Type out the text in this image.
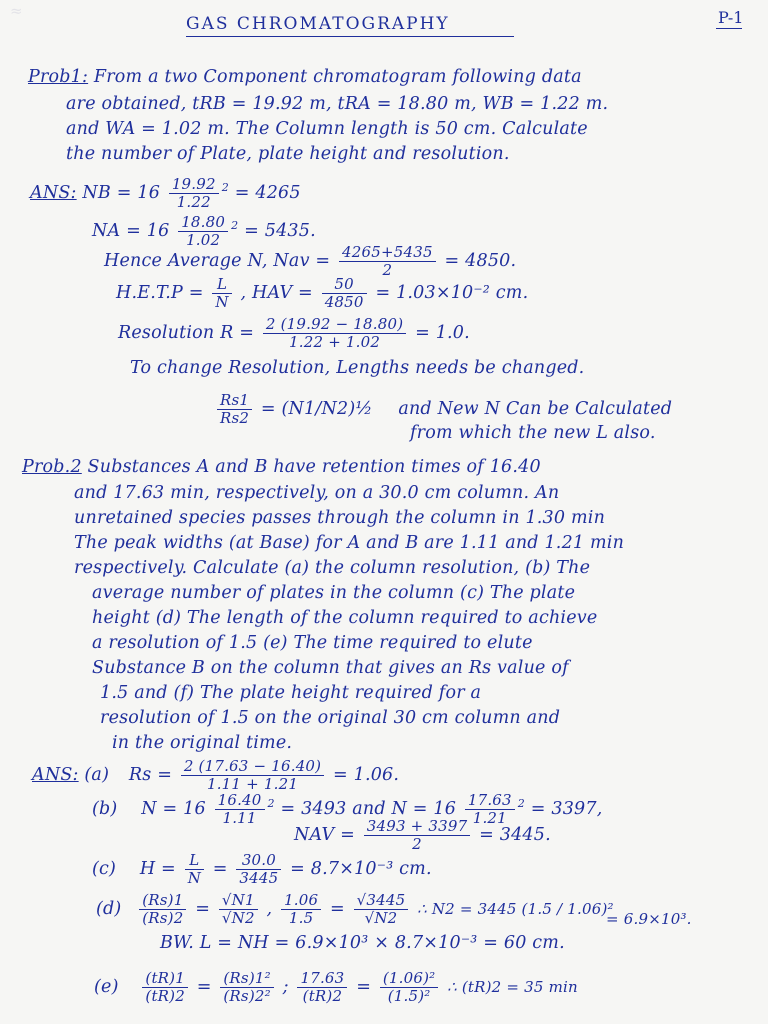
≈
GAS CHROMATOGRAPHY	P-1
Prob1: From a two Component chromatogram following data
are obtained, tRB = 19.92 m, tRA = 18.80 m, WB = 1.22 m.
and WA = 1.02 m. The Column length is 50 cm. Calculate
the number of Plate, plate height and resolution.
ANS: NB = $16 \frac{19.92}{1.22} ^2 = 4265$
NA = $16 \frac{18.80}{1.02} ^2 = 5435$.
Hence Average N, Nav = $\frac{4265+5435}{2} = 4850$.
$H.E.T.P = \frac{L}{N}$ , HAV = $\frac{50}{4850} = 1.03\times 10^{-2}$ cm.
Resolution $R = \frac{2 (19.92 - 18.80)}{1.22 + 1.02} = 1.0$.
To change Resolution, Lengths needs be changed.
$\frac{Rs1}{Rs2}$ = (N1/N2)½ and New N Can be Calculated
from which the new L also.
Prob.2 Substances A and B have retention times of 16.40
and 17.63 min, respectively, on a 30.0 cm column. An
unretained species passes through the column in 1.30 min
The peak widths (at Base) for A and B are 1.11 and 1.21 min
respectively. Calculate (a) the column resolution, (b) The
average number of plates in the column (c) The plate
height (d) The length of the column required to achieve
a resolution of 1.5 (e) The time required to elute
Substance B on the column that gives an Rs value of
1.5 and (f) The plate height required for a
resolution of 1.5 on the original 30 cm column and
in the original time.
ANS: (a) $Rs = \frac{2 (17.63 - 16.40)}{1.11 + 1.21} = 1.06$.
(b) $N = 16 \frac{16.40}{1.11} ^2 = 3493$ and $N = 16 \frac{17.63}{1.21} ^2 = 3397$,
NAV = $\frac{3493 + 3397}{2} = 3445$.
(c) $H = \frac{L}{N} = \frac{30.0}{3445} = 8.7\times 10^{-3}$ cm.
$(d) \frac{(Rs)1}{(Rs)2} = \frac{√N1}{√N2}$ , $\frac{1.06}{1.5} = \frac{√3445}{√N2}$ ∴ N2 = 3445 (1.5 / 1.06)²
= 6.9×10³.
BW. L = NH = 6.9×10³ × 8.7×10⁻³ = 60 cm.
$(e) \frac{(tR)1}{(tR)2} = \frac{\text{(Rs)1²}}{\text{(Rs)2²}}$ ; $\frac{17.63}{(tR)2} = \frac{\text{(1.06)²}}{\text{(1.5)²}}$ ∴ (tR)2 = 35 min
